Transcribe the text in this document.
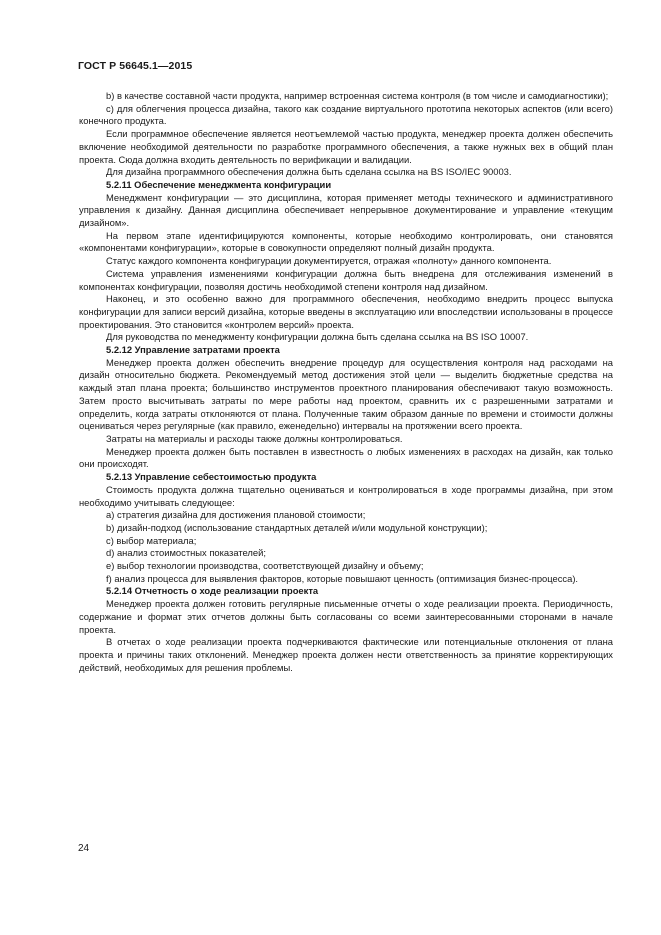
ГОСТ Р 56645.1—2015

b) в качестве составной части продукта, например встроенная система контроля (в том числе и самодиагностики);

c) для облегчения процесса дизайна, такого как создание виртуального прототипа некоторых аспектов (или всего) конечного продукта.

Если программное обеспечение является неотъемлемой частью продукта, менеджер проекта должен обеспечить включение необходимой деятельности по разработке программного обеспечения, а также нужных вех в общий план проекта. Сюда должна входить деятельность по верификации и валидации.

Для дизайна программного обеспечения должна быть сделана ссылка на BS ISO/IEC 90003.

5.2.11 Обеспечение менеджмента конфигурации

Менеджмент конфигурации — это дисциплина, которая применяет методы технического и административного управления к дизайну. Данная дисциплина обеспечивает непрерывное документирование и управление «текущим дизайном».

На первом этапе идентифицируются компоненты, которые необходимо контролировать, они становятся «компонентами конфигурации», которые в совокупности определяют полный дизайн продукта.

Статус каждого компонента конфигурации документируется, отражая «полноту» данного компонента.

Система управления изменениями конфигурации должна быть внедрена для отслеживания изменений в компонентах конфигурации, позволяя достичь необходимой степени контроля над дизайном.

Наконец, и это особенно важно для программного обеспечения, необходимо внедрить процесс выпуска конфигурации для записи версий дизайна, которые введены в эксплуатацию или впоследствии использованы в процессе проектирования. Это становится «контролем версий» проекта.

Для руководства по менеджменту конфигурации должна быть сделана ссылка на BS ISO 10007.

5.2.12 Управление затратами проекта

Менеджер проекта должен обеспечить внедрение процедур для осуществления контроля над расходами на дизайн относительно бюджета. Рекомендуемый метод достижения этой цели — выделить бюджетные средства на каждый этап плана проекта; большинство инструментов проектного планирования обеспечивают такую возможность. Затем просто высчитывать затраты по мере работы над проектом, сравнить их с разрешенными затратами и определить, когда затраты отклоняются от плана. Полученные таким образом данные по времени и стоимости должны оцениваться через регулярные (как правило, еженедельно) интервалы на протяжении всего проекта.

Затраты на материалы и расходы также должны контролироваться.

Менеджер проекта должен быть поставлен в известность о любых изменениях в расходах на дизайн, как только они происходят.

5.2.13 Управление себестоимостью продукта

Стоимость продукта должна тщательно оцениваться и контролироваться в ходе программы дизайна, при этом необходимо учитывать следующее:

a) стратегия дизайна для достижения плановой стоимости;

b) дизайн-подход (использование стандартных деталей и/или модульной конструкции);

c) выбор материала;

d) анализ стоимостных показателей;

e) выбор технологии производства, соответствующей дизайну и объему;

f) анализ процесса для выявления факторов, которые повышают ценность (оптимизация бизнес-процесса).

5.2.14 Отчетность о ходе реализации проекта

Менеджер проекта должен готовить регулярные письменные отчеты о ходе реализации проекта. Периодичность, содержание и формат этих отчетов должны быть согласованы со всеми заинтересованными сторонами в начале проекта.

В отчетах о ходе реализации проекта подчеркиваются фактические или потенциальные отклонения от плана проекта и причины таких отклонений. Менеджер проекта должен нести ответственность за принятие корректирующих действий, необходимых для решения проблемы.

24
